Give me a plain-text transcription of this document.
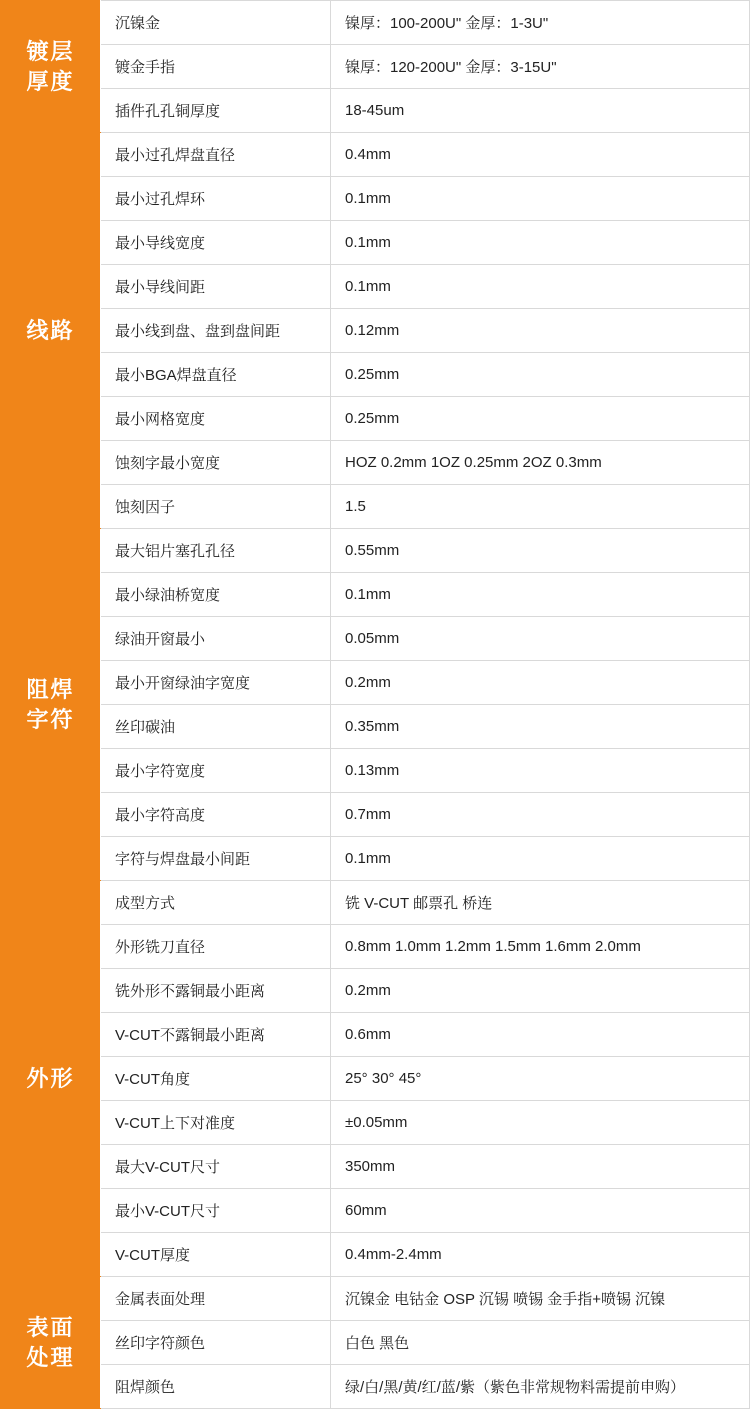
镀层厚度	沉镍金	镍厚：100-200U" 金厚：1-3U"
	镀金手指	镍厚：120-200U" 金厚：3-15U"
	插件孔孔铜厚度	18-45um

线路	最小过孔焊盘直径	0.4mm
	最小过孔焊环	0.1mm
	最小导线宽度	0.1mm
	最小导线间距	0.1mm
	最小线到盘、盘到盘间距	0.12mm
	最小BGA焊盘直径	0.25mm
	最小网格宽度	0.25mm
	蚀刻字最小宽度	HOZ 0.2mm 1OZ 0.25mm 2OZ 0.3mm
	蚀刻因子	1.5

阻焊 字符	最大铝片塞孔孔径	0.55mm
	最小绿油桥宽度	0.1mm
	绿油开窗最小	0.05mm
	最小开窗绿油字宽度	0.2mm
	丝印碳油	0.35mm
	最小字符宽度	0.13mm
	最小字符高度	0.7mm
	字符与焊盘最小间距	0.1mm

外形	成型方式	铣 V-CUT 邮票孔 桥连
	外形铣刀直径	0.8mm 1.0mm 1.2mm 1.5mm 1.6mm 2.0mm
	铣外形不露铜最小距离	0.2mm
	V-CUT不露铜最小距离	0.6mm
	V-CUT角度	25° 30° 45°
	V-CUT上下对准度	±0.05mm
	最大V-CUT尺寸	350mm
	最小V-CUT尺寸	60mm
	V-CUT厚度	0.4mm-2.4mm

表面处理	金属表面处理	沉镍金 电钴金 OSP 沉锡 喷锡 金手指+喷锡 沉镍
	丝印字符颜色	白色 黑色
	阻焊颜色	绿/白/黑/黄/红/蓝/紫（紫色非常规物料需提前申购）
